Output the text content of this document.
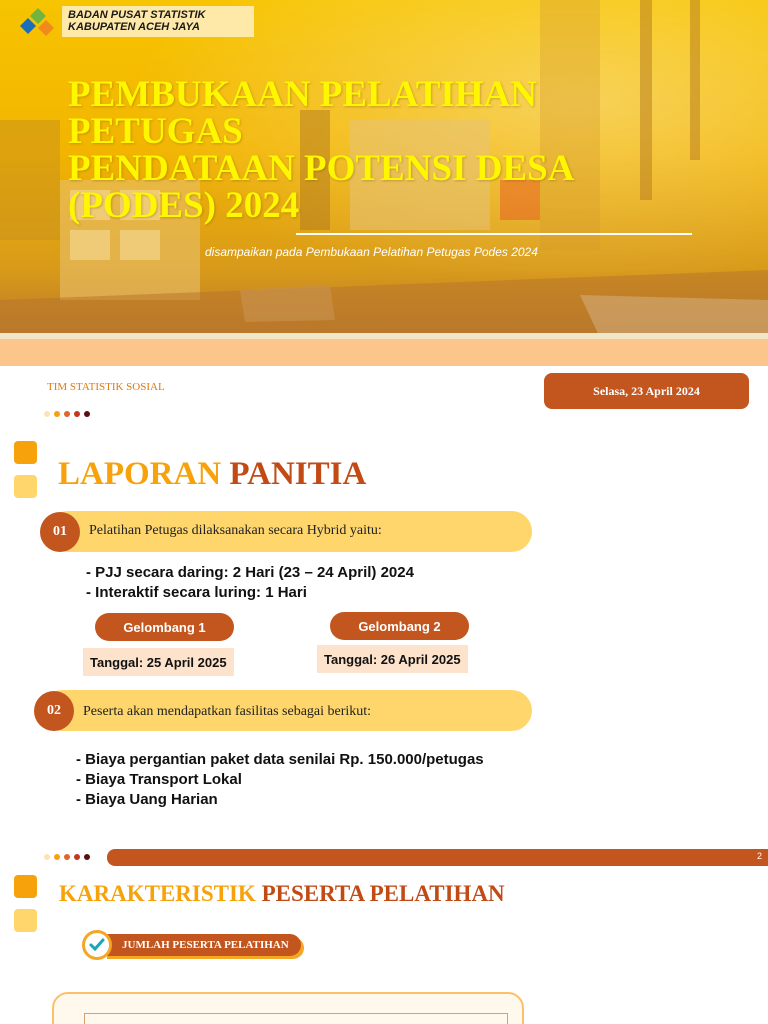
BADAN PUSAT STATISTIK
KABUPATEN ACEH JAYA
PEMBUKAAN PELATIHAN
PETUGAS
PENDATAAN POTENSI DESA
(PODES) 2024
disampaikan pada Pembukaan Pelatihan Petugas Podes 2024
TIM STATISTIK SOSIAL	Selasa, 23 April 2024
LAPORAN PANITIA
01	Pelatihan Petugas dilaksanakan secara Hybrid yaitu:
- PJJ secara daring: 2 Hari (23 – 24 April) 2024
- Interaktif secara luring: 1 Hari
Gelombang 1
Tanggal: 25 April 2025
Gelombang 2
Tanggal: 26 April 2025
02	Peserta akan mendapatkan fasilitas sebagai berikut:
- Biaya pergantian paket data senilai Rp. 150.000/petugas
- Biaya Transport Lokal
- Biaya Uang Harian
2
KARAKTERISTIK PESERTA PELATIHAN
JUMLAH PESERTA PELATIHAN
